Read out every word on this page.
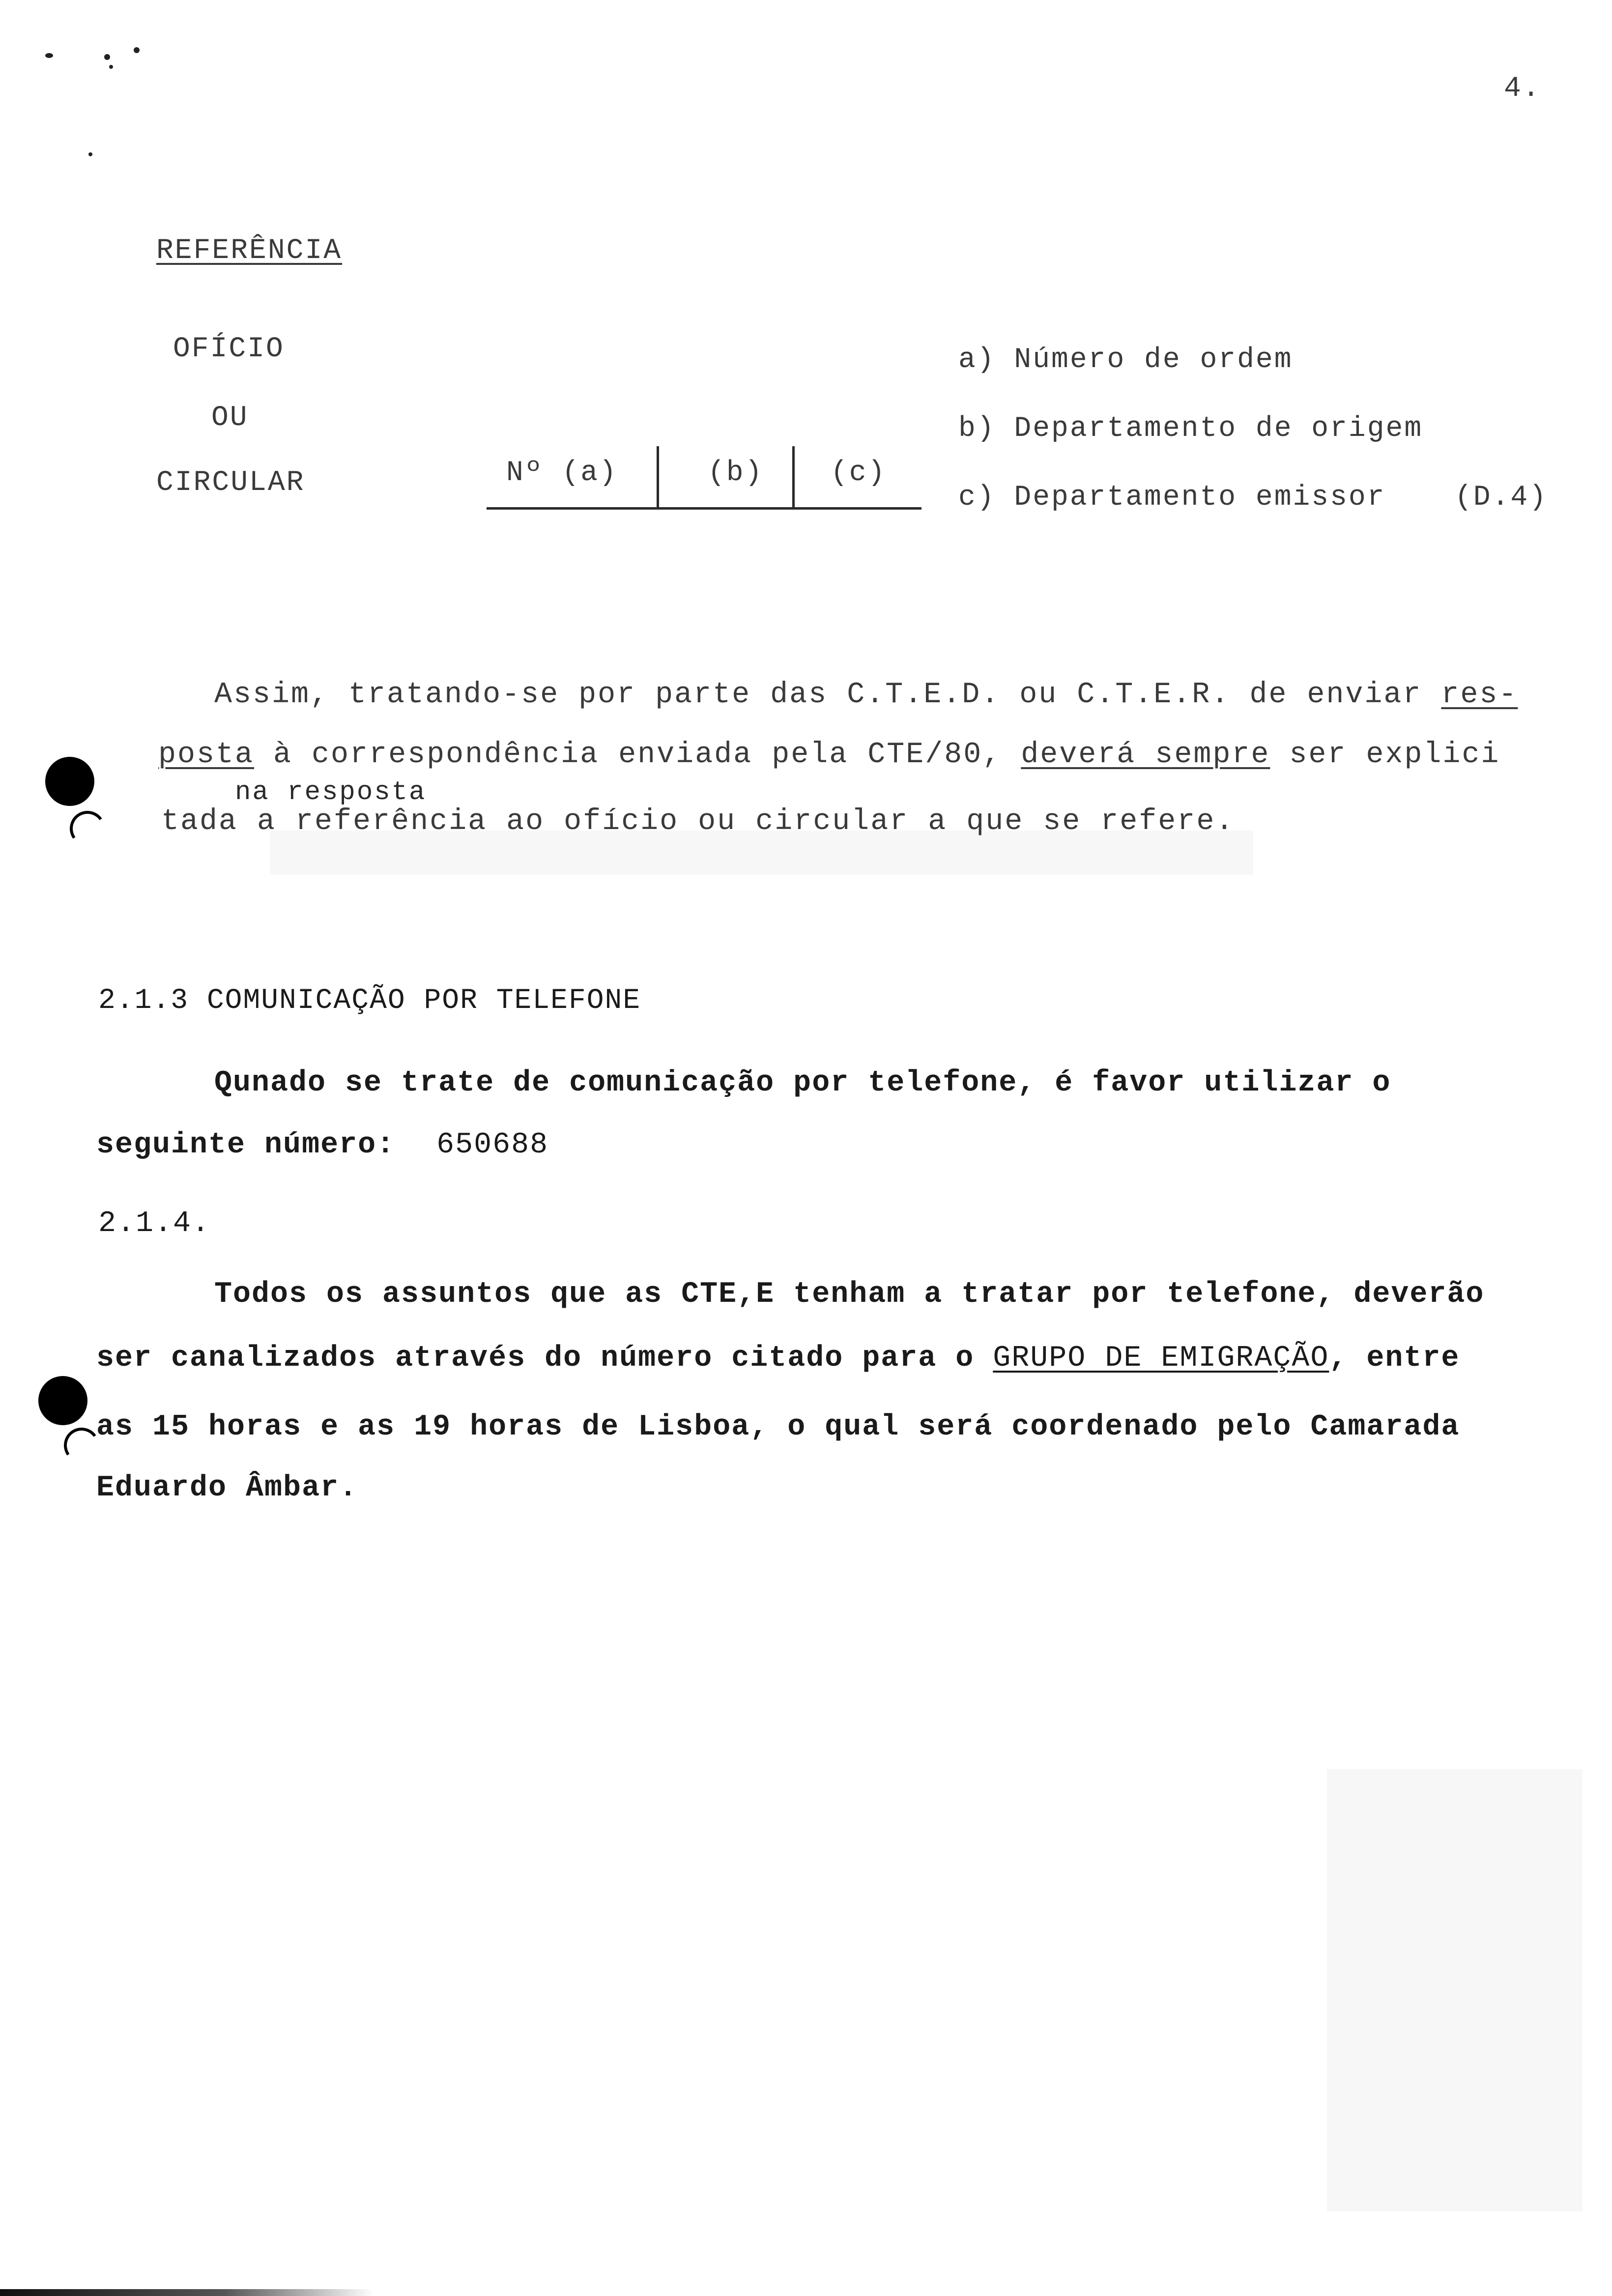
4.
REFERÊNCIA
OFÍCIO
OU
CIRCULAR	Nº (a)	(b) (c)
a) Número de ordem
b) Departamento de origem
c) Departamento emissor (D.4)
Assim, tratando-se por parte das C.T.E.D. ou C.T.E.R. de enviar res-
posta à correspondência enviada pela CTE/80, deverá sempre ser explici
na resposta
tada a referência ao ofício ou circular a que se refere.
2.1.3 COMUNICAÇÃO POR TELEFONE
Qunado se trate de comunicação por telefone, é favor utilizar o
seguinte número: 650688
2.1.4.
Todos os assuntos que as CTE,E tenham a tratar por telefone, deverão
ser canalizados através do número citado para o GRUPO DE EMIGRAÇÃO, entre
as 15 horas e as 19 horas de Lisboa, o qual será coordenado pelo Camarada
Eduardo Âmbar.
